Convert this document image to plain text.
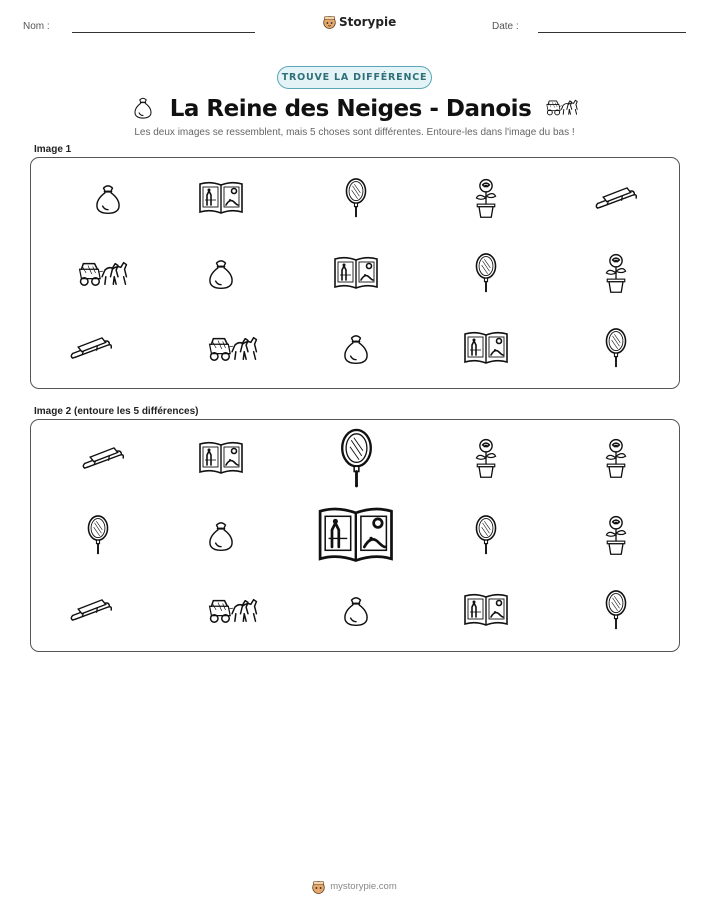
Nom :	Storypie	Date :
TROUVE LA DIFFÉRENCE
La Reine des Neiges - Danois
Les deux images se ressemblent, mais 5 choses sont différentes. Entoure-les dans l'image du bas !
Image 1
Image 2 (entoure les 5 différences)
mystorypie.com
